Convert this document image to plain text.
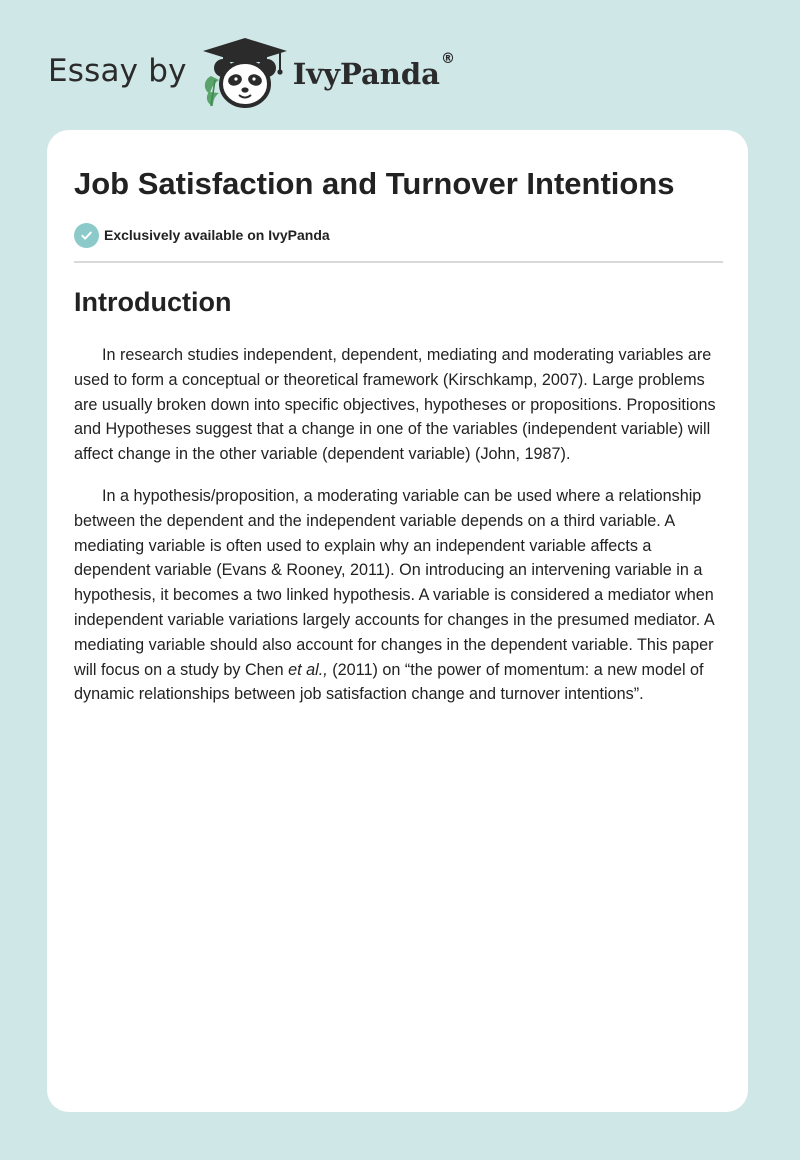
Essay by	IvyPanda®
Job Satisfaction and Turnover Intentions
Exclusively available on IvyPanda
Introduction

In research studies independent, dependent, mediating and moderating variables are used to form a conceptual or theoretical framework (Kirschkamp, 2007). Large problems are usually broken down into specific objectives, hypotheses or propositions. Propositions and Hypotheses suggest that a change in one of the variables (independent variable) will affect change in the other variable (dependent variable) (John, 1987).

In a hypothesis/proposition, a moderating variable can be used where a relationship between the dependent and the independent variable depends on a third variable. A mediating variable is often used to explain why an independent variable affects a dependent variable (Evans & Rooney, 2011). On introducing an intervening variable in a hypothesis, it becomes a two linked hypothesis. A variable is considered a mediator when independent variable variations largely accounts for changes in the presumed mediator. A mediating variable should also account for changes in the dependent variable. This paper will focus on a study by Chen et al., (2011) on “the power of momentum: a new model of dynamic relationships between job satisfaction change and turnover intentions”.
